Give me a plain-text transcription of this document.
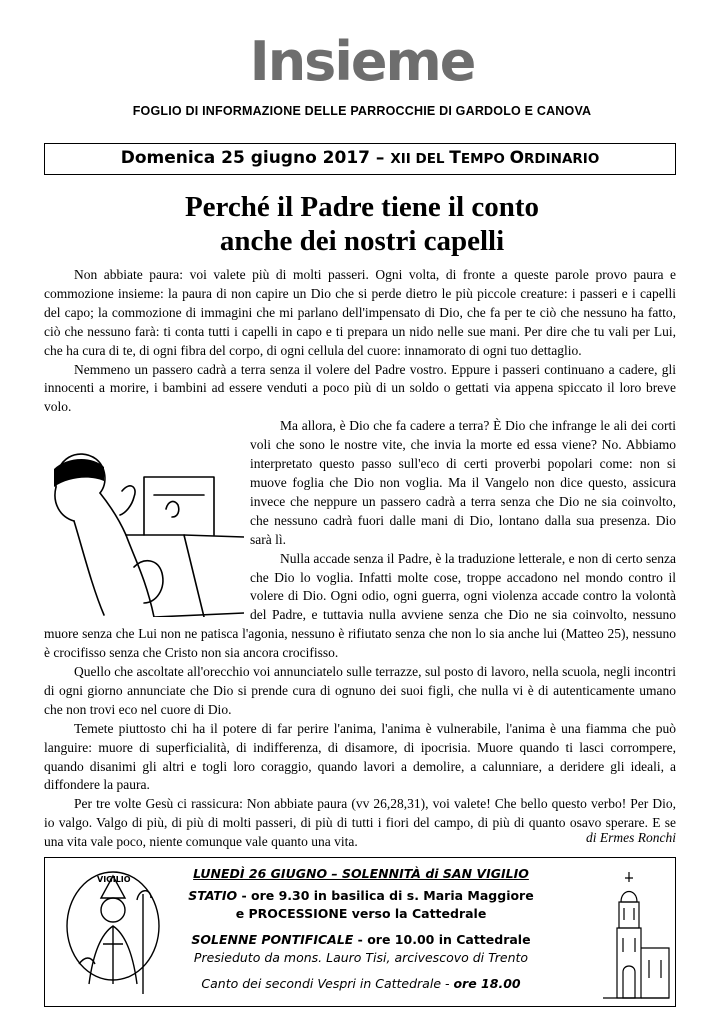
Insieme
FOGLIO DI INFORMAZIONE DELLE PARROCCHIE DI GARDOLO E CANOVA
Domenica 25 giugno 2017 – XII DEL TEMPO ORDINARIO
Perché il Padre tiene il conto
anche dei nostri capelli

Non abbiate paura: voi valete più di molti passeri. Ogni volta, di fronte a queste parole provo paura e commozione insieme: la paura di non capire un Dio che si perde dietro le più piccole creature: i passeri e i capelli del capo; la commozione di immagini che mi parlano dell'impensato di Dio, che fa per te ciò che nessuno ha fatto, ciò che nessuno farà: ti conta tutti i capelli in capo e ti prepara un nido nelle sue mani. Per dire che tu vali per Lui, che ha cura di te, di ogni fibra del corpo, di ogni cellula del cuore: innamorato di ogni tuo dettaglio.

Nemmeno un passero cadrà a terra senza il volere del Padre vostro. Eppure i passeri continuano a cadere, gli innocenti a morire, i bambini ad essere venduti a poco più di un soldo o gettati via appena spiccato il loro breve volo.

Ma allora, è Dio che fa cadere a terra? È Dio che infrange le ali dei corti voli che sono le nostre vite, che invia la morte ed essa viene? No. Abbiamo interpretato questo passo sull'eco di certi proverbi popolari come: non si muove foglia che Dio non voglia. Ma il Vangelo non dice questo, assicura invece che neppure un passero cadrà a terra senza che Dio ne sia coinvolto, che nessuno cadrà fuori dalle mani di Dio, lontano dalla sua presenza. Dio sarà lì.

Nulla accade senza il Padre, è la traduzione letterale, e non di certo senza che Dio lo voglia. Infatti molte cose, troppe accadono nel mondo contro il volere di Dio. Ogni odio, ogni guerra, ogni violenza accade contro la volontà del Padre, e tuttavia nulla avviene senza che Dio ne sia coinvolto, nessuno muore senza che Lui non ne patisca l'agonia, nessuno è rifiutato senza che non lo sia anche lui (Matteo 25), nessuno è crocifisso senza che Cristo non sia ancora crocifisso.

Quello che ascoltate all'orecchio voi annunciatelo sulle terrazze, sul posto di lavoro, nella scuola, negli incontri di ogni giorno annunciate che Dio si prende cura di ognuno dei suoi figli, che nulla vi è di autenticamente umano che non trovi eco nel cuore di Dio.

Temete piuttosto chi ha il potere di far perire l'anima, l'anima è vulnerabile, l'anima è una fiamma che può languire: muore di superficialità, di indifferenza, di disamore, di ipocrisia. Muore quando ti lasci corrompere, quando disanimi gli altri e togli loro coraggio, quando lavori a demolire, a calunniare, a deridere gli ideali, a diffondere la paura.

Per tre volte Gesù ci rassicura: Non abbiate paura (vv 26,28,31), voi valete! Che bello questo verbo! Per Dio, io valgo. Valgo di più, di più di molti passeri, di più di tutti i fiori del campo, di più di quanto osavo sperare. E se una vita vale poco, niente comunque vale quanto una vita.	di Ermes Ronchi
VIGILIO	LUNEDÌ 26 GIUGNO – SOLENNITÀ di SAN VIGILIO
STATIO - ore 9.30 in basilica di s. Maria Maggiore
e PROCESSIONE verso la Cattedrale
SOLENNE PONTIFICALE - ore 10.00 in Cattedrale
Presieduto da mons. Lauro Tisi, arcivescovo di Trento
Canto dei secondi Vespri in Cattedrale - ore 18.00
